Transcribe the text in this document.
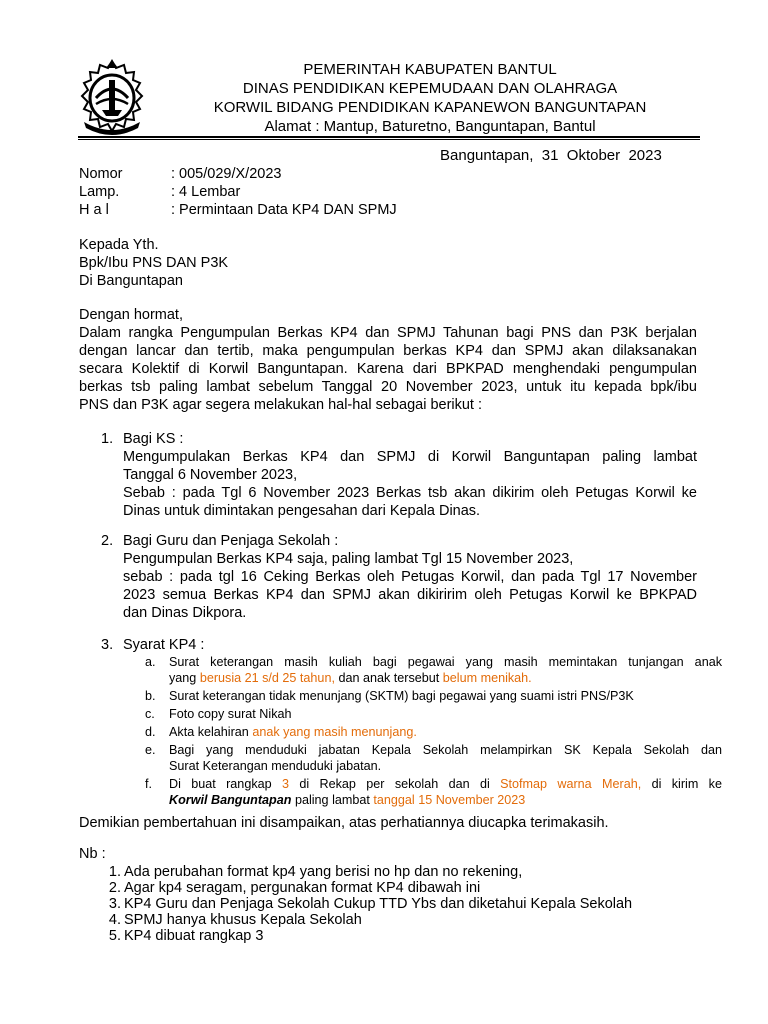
PEMERINTAH KABUPATEN BANTUL
DINAS PENDIDIKAN KEPEMUDAAN DAN OLAHRAGA
KORWIL BIDANG PENDIDIKAN KAPANEWON BANGUNTAPAN
Alamat : Mantup, Baturetno, Banguntapan, Bantul
Banguntapan,  31  Oktober  2023
Nomor	: 005/029/X/2023
Lamp.	: 4 Lembar
H a l	: Permintaan Data KP4 DAN SPMJ
Kepada Yth.
Bpk/Ibu PNS DAN P3K
Di Banguntapan
Dengan hormat,
Dalam rangka Pengumpulan Berkas KP4 dan SPMJ Tahunan bagi PNS dan P3K berjalan
dengan lancar dan tertib, maka pengumpulan berkas KP4 dan SPMJ akan dilaksanakan
secara Kolektif di Korwil Banguntapan. Karena dari BPKPAD menghendaki pengumpulan
berkas tsb paling lambat sebelum Tanggal 20 November 2023, untuk itu kepada bpk/ibu
PNS dan P3K agar segera melakukan hal-hal sebagai berikut :
1. Bagi KS :
Mengumpulakan Berkas KP4 dan SPMJ di Korwil Banguntapan paling lambat
Tanggal 6 November 2023,
Sebab : pada Tgl 6 November 2023 Berkas tsb akan dikirim oleh Petugas Korwil ke
Dinas untuk dimintakan pengesahan dari Kepala Dinas.
2. Bagi Guru dan Penjaga Sekolah :
Pengumpulan Berkas KP4 saja, paling lambat Tgl 15 November 2023,
sebab : pada tgl 16 Ceking Berkas oleh Petugas Korwil, dan pada Tgl 17 November
2023 semua Berkas KP4 dan SPMJ akan dikiririm oleh Petugas Korwil ke BPKPAD
dan Dinas Dikpora.
3. Syarat KP4 :
a. Surat keterangan masih kuliah bagi pegawai yang masih memintakan tunjangan anak
yang berusia 21 s/d 25 tahun, dan anak tersebut belum menikah.
b. Surat keterangan tidak menunjang (SKTM) bagi pegawai yang suami istri PNS/P3K
c. Foto copy surat Nikah
d. Akta kelahiran anak yang masih menunjang.
e. Bagi yang menduduki jabatan Kepala Sekolah melampirkan SK Kepala Sekolah dan
Surat Keterangan menduduki jabatan.
f. Di buat rangkap 3 di Rekap per sekolah dan di Stofmap warna Merah, di kirim ke
Korwil Banguntapan paling lambat tanggal 15 November 2023
Demikian pembertahuan ini disampaikan, atas perhatiannya diucapka terimakasih.
Nb :
1. Ada perubahan format kp4 yang berisi no hp dan no rekening,
2. Agar kp4 seragam, pergunakan format KP4 dibawah ini
3. KP4 Guru dan Penjaga Sekolah Cukup TTD Ybs dan diketahui Kepala Sekolah
4. SPMJ hanya khusus Kepala Sekolah
5. KP4 dibuat rangkap 3
